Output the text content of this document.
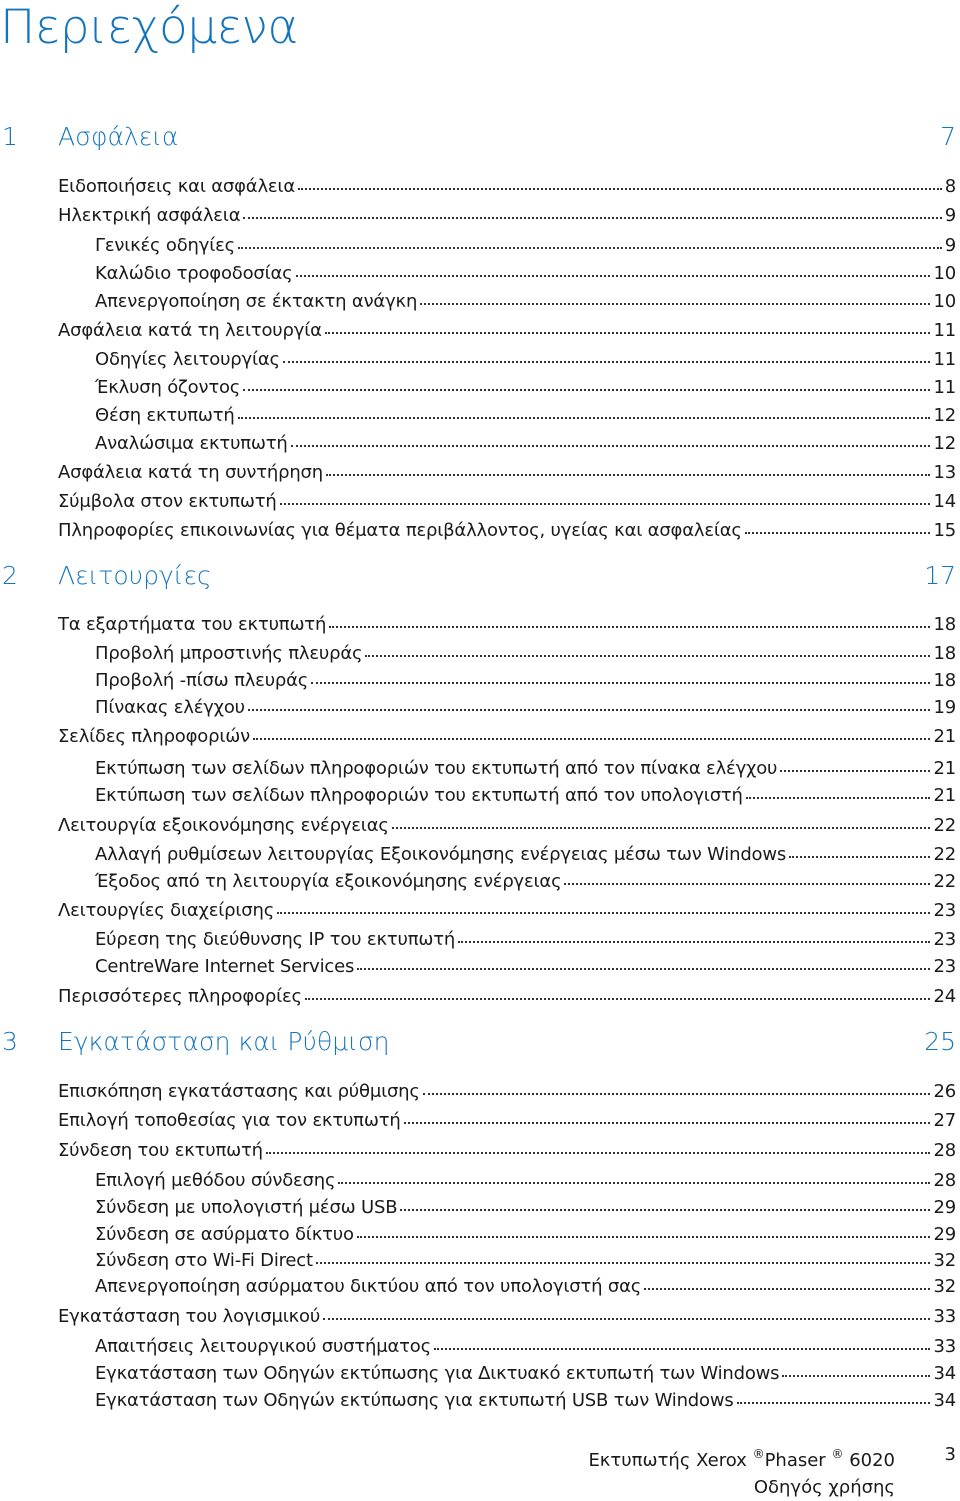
Περιεχόμενα
1 Ασφάλεια	7
Ειδοποιήσεις και ασφάλεια	8
Ηλεκτρική ασφάλεια	9
Γενικές οδηγίες	9
Καλώδιο τροφοδοσίας	10
Απενεργοποίηση σε έκτακτη ανάγκη	10
Ασφάλεια κατά τη λειτουργία	11
Οδηγίες λειτουργίας	11
Έκλυση όζοντος	11
Θέση εκτυπωτή	12
Αναλώσιμα εκτυπωτή	12
Ασφάλεια κατά τη συντήρηση	13
Σύμβολα στον εκτυπωτή	14
Πληροφορίες επικοινωνίας για θέματα περιβάλλοντος, υγείας και ασφαλείας	15
2 Λειτουργίες	17
Τα εξαρτήματα του εκτυπωτή	18
Προβολή μπροστινής πλευράς	18
Προβολή -πίσω πλευράς	18
Πίνακας ελέγχου	19
Σελίδες πληροφοριών	21
Εκτύπωση των σελίδων πληροφοριών του εκτυπωτή από τον πίνακα ελέγχου	21
Εκτύπωση των σελίδων πληροφοριών του εκτυπωτή από τον υπολογιστή	21
Λειτουργία εξοικονόμησης ενέργειας	22
Αλλαγή ρυθμίσεων λειτουργίας Εξοικονόμησης ενέργειας μέσω των Windows	22
Έξοδος από τη λειτουργία εξοικονόμησης ενέργειας	22
Λειτουργίες διαχείρισης	23
Εύρεση της διεύθυνσης IP του εκτυπωτή	23
CentreWare Internet Services	23
Περισσότερες πληροφορίες	24
3 Εγκατάσταση και Ρύθμιση	25
Επισκόπηση εγκατάστασης και ρύθμισης	26
Επιλογή τοποθεσίας για τον εκτυπωτή	27
Σύνδεση του εκτυπωτή	28
Επιλογή μεθόδου σύνδεσης	28
Σύνδεση με υπολογιστή μέσω USB	29
Σύνδεση σε ασύρματο δίκτυο	29
Σύνδεση στο Wi-Fi Direct	32
Απενεργοποίηση ασύρματου δικτύου από τον υπολογιστή σας	32
Εγκατάσταση του λογισμικού	33
Απαιτήσεις λειτουργικού συστήματος	33
Εγκατάσταση των Οδηγών εκτύπωσης για Δικτυακό εκτυπωτή των Windows	34
Εγκατάσταση των Οδηγών εκτύπωσης για εκτυπωτή USB των Windows	34
Εκτυπωτής Xerox ®Phaser ® 6020
Οδηγός χρήσης
3
